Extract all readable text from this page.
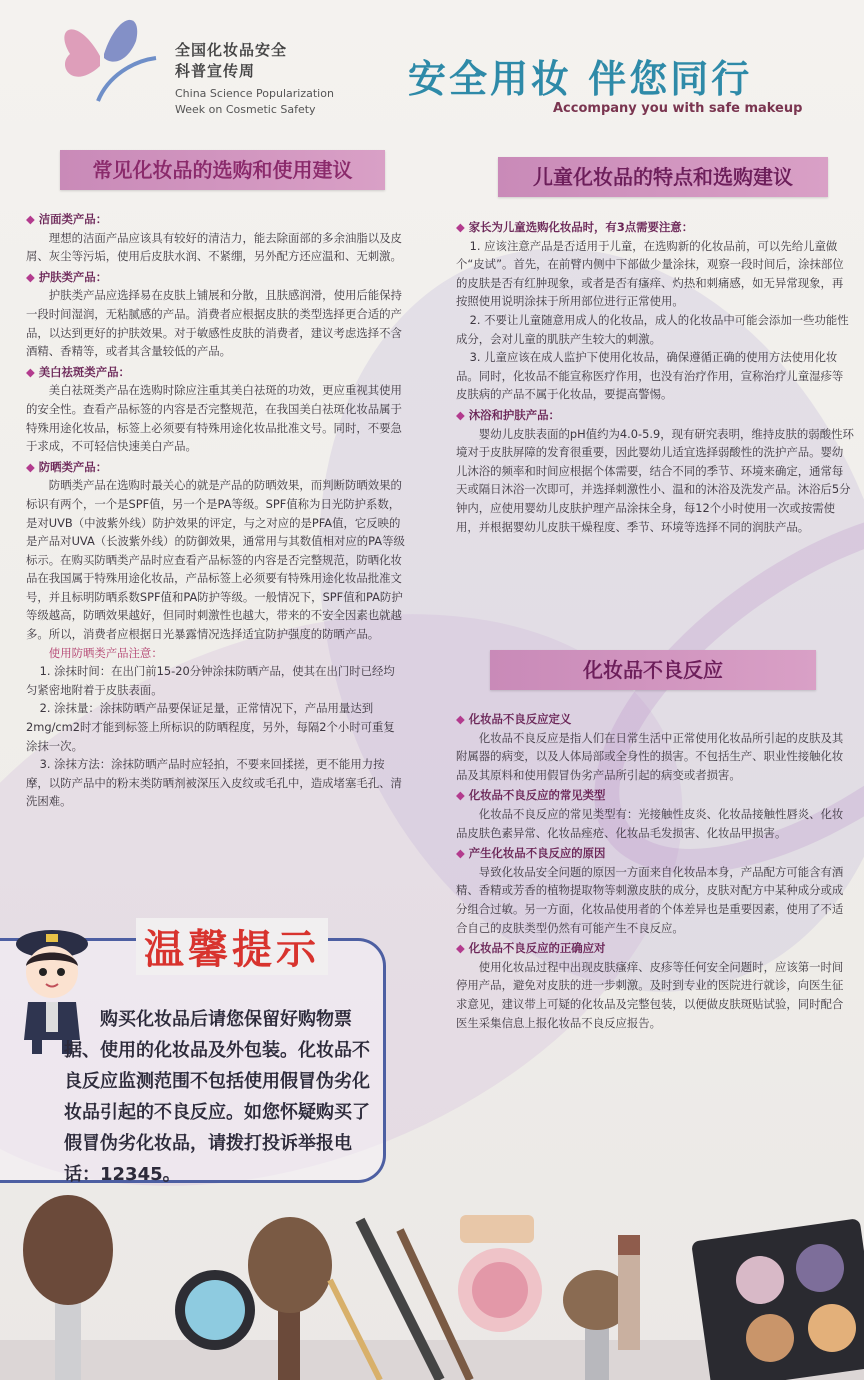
全国化妆品安全
科普宣传周
China Science Popularization
Week on Cosmetic Safety
安全用妆 伴您同行
Accompany you with safe makeup
常见化妆品的选购和使用建议	儿童化妆品的特点和选购建议
化妆品不良反应
◆ 洁面类产品：
理想的洁面产品应该具有较好的清洁力，能去除面部的多余油脂以及皮屑、灰尘等污垢，使用后皮肤水润、不紧绷，另外配方还应温和、无刺激。
◆ 护肤类产品：
护肤类产品应选择易在皮肤上铺展和分散，且肤感润滑，使用后能保持一段时间湿润，无粘腻感的产品。消费者应根据皮肤的类型选择更合适的产品，以达到更好的护肤效果。对于敏感性皮肤的消费者，建议考虑选择不含酒精、香精等，或者其含量较低的产品。
◆ 美白祛斑类产品：
美白祛斑类产品在选购时除应注重其美白祛斑的功效，更应重视其使用的安全性。查看产品标签的内容是否完整规范，在我国美白祛斑化妆品属于特殊用途化妆品，标签上必须要有特殊用途化妆品批准文号。同时，不要急于求成，不可轻信快速美白产品。
◆ 防晒类产品：
防晒类产品在选购时最关心的就是产品的防晒效果，而判断防晒效果的标识有两个，一个是SPF值，另一个是PA等级。SPF值称为日光防护系数，是对UVB（中波紫外线）防护效果的评定，与之对应的是PFA值，它反映的是产品对UVA（长波紫外线）的防御效果，通常用与其数值相对应的PA等级标示。在购买防晒类产品时应查看产品标签的内容是否完整规范，防晒化妆品在我国属于特殊用途化妆品，产品标签上必须要有特殊用途化妆品批准文号，并且标明防晒系数SPF值和PA防护等级。一般情况下，SPF值和PA防护等级越高，防晒效果越好，但同时刺激性也越大，带来的不安全因素也就越多。所以，消费者应根据日光暴露情况选择适宜防护强度的防晒产品。
使用防晒类产品注意：
1. 涂抹时间：在出门前15-20分钟涂抹防晒产品，使其在出门时已经均匀紧密地附着于皮肤表面。
2. 涂抹量：涂抹防晒产品要保证足量，正常情况下，产品用量达到2mg/cm2时才能到标签上所标识的防晒程度，另外，每隔2个小时可重复涂抹一次。
3. 涂抹方法：涂抹防晒产品时应轻拍，不要来回揉搓，更不能用力按摩，以防产品中的粉末类防晒剂被深压入皮纹或毛孔中，造成堵塞毛孔、清洗困难。
◆ 家长为儿童选购化妆品时，有3点需要注意：
1. 应该注意产品是否适用于儿童，在选购新的化妆品前，可以先给儿童做个“皮试”。首先，在前臂内侧中下部做少量涂抹，观察一段时间后，涂抹部位的皮肤是否有红肿现象，或者是否有瘙痒、灼热和刺痛感，如无异常现象，再按照使用说明涂抹于所用部位进行正常使用。
2. 不要让儿童随意用成人的化妆品，成人的化妆品中可能会添加一些功能性成分，会对儿童的肌肤产生较大的刺激。
3. 儿童应该在成人监护下使用化妆品，确保遵循正确的使用方法使用化妆品。同时，化妆品不能宣称医疗作用，也没有治疗作用，宣称治疗儿童湿疹等皮肤病的产品不属于化妆品，要提高警惕。
◆ 沐浴和护肤产品：
婴幼儿皮肤表面的pH值约为4.0-5.9，现有研究表明，维持皮肤的弱酸性环境对于皮肤屏障的发育很重要，因此婴幼儿适宜选择弱酸性的洗护产品。婴幼儿沐浴的频率和时间应根据个体需要，结合不同的季节、环境来确定，通常每天或隔日沐浴一次即可，并选择刺激性小、温和的沐浴及洗发产品。沐浴后5分钟内，应使用婴幼儿皮肤护理产品涂抹全身，每12个小时使用一次或按需使用，并根据婴幼儿皮肤干燥程度、季节、环境等选择不同的润肤产品。
◆ 化妆品不良反应定义
化妆品不良反应是指人们在日常生活中正常使用化妆品所引起的皮肤及其附属器的病变，以及人体局部或全身性的损害。不包括生产、职业性接触化妆品及其原料和使用假冒伪劣产品所引起的病变或者损害。
◆ 化妆品不良反应的常见类型
化妆品不良反应的常见类型有：光接触性皮炎、化妆品接触性唇炎、化妆品皮肤色素异常、化妆品痤疮、化妆品毛发损害、化妆品甲损害。
◆ 产生化妆品不良反应的原因
导致化妆品安全问题的原因一方面来自化妆品本身，产品配方可能含有酒精、香精或芳香的植物提取物等刺激皮肤的成分，皮肤对配方中某种成分或成分组合过敏。另一方面，化妆品使用者的个体差异也是重要因素，使用了不适合自己的皮肤类型仍然有可能产生不良反应。
◆ 化妆品不良反应的正确应对
使用化妆品过程中出现皮肤瘙痒、皮疹等任何安全问题时，应该第一时间停用产品，避免对皮肤的进一步刺激。及时到专业的医院进行就诊，向医生征求意见，建议带上可疑的化妆品及完整包装，以便做皮肤斑贴试验，同时配合医生采集信息上报化妆品不良反应报告。
温馨提示
购买化妆品后请您保留好购物票据、使用的化妆品及外包装。化妆品不良反应监测范围不包括使用假冒伪劣化妆品引起的不良反应。如您怀疑购买了假冒伪劣化妆品，请拨打投诉举报电话：12345。
